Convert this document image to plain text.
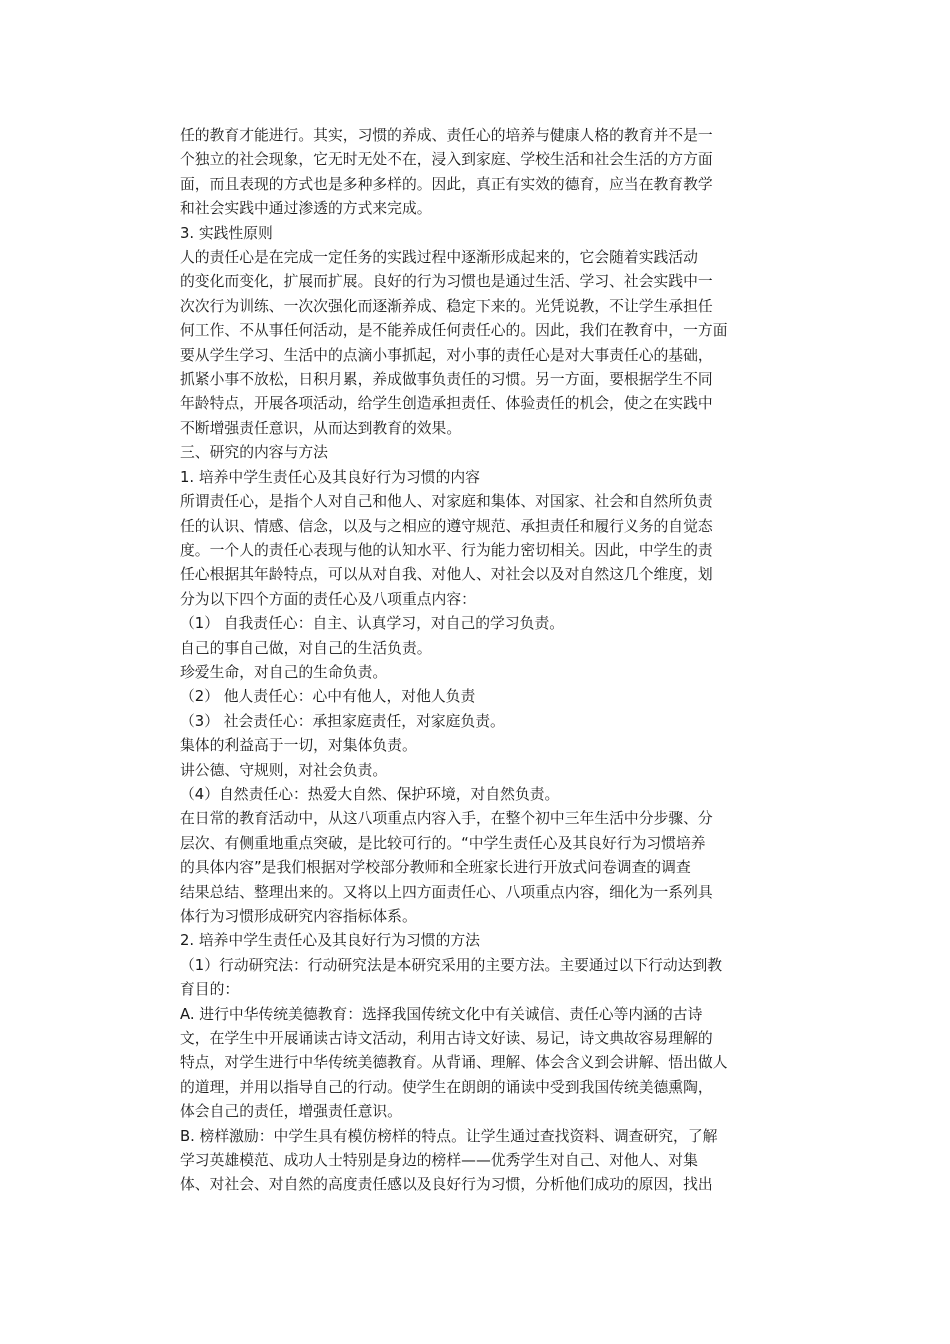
任的教育才能进行。其实，习惯的养成、责任心的培养与健康人格的教育并不是一
个独立的社会现象，它无时无处不在，浸入到家庭、学校生活和社会生活的方方面
面，而且表现的方式也是多种多样的。因此，真正有实效的德育，应当在教育教学
和社会实践中通过渗透的方式来完成。
3. 实践性原则
人的责任心是在完成一定任务的实践过程中逐渐形成起来的，它会随着实践活动
的变化而变化，扩展而扩展。良好的行为习惯也是通过生活、学习、社会实践中一
次次行为训练、一次次强化而逐渐养成、稳定下来的。光凭说教，不让学生承担任
何工作、不从事任何活动，是不能养成任何责任心的。因此，我们在教育中，一方面
要从学生学习、生活中的点滴小事抓起，对小事的责任心是对大事责任心的基础，
抓紧小事不放松，日积月累，养成做事负责任的习惯。另一方面，要根据学生不同
年龄特点，开展各项活动，给学生创造承担责任、体验责任的机会，使之在实践中
不断增强责任意识，从而达到教育的效果。
三、研究的内容与方法
1. 培养中学生责任心及其良好行为习惯的内容
所谓责任心，是指个人对自己和他人、对家庭和集体、对国家、社会和自然所负责
任的认识、情感、信念，以及与之相应的遵守规范、承担责任和履行义务的自觉态
度。一个人的责任心表现与他的认知水平、行为能力密切相关。因此，中学生的责
任心根据其年龄特点，可以从对自我、对他人、对社会以及对自然这几个维度，划
分为以下四个方面的责任心及八项重点内容：
（1） 自我责任心：自主、认真学习，对自己的学习负责。
自己的事自己做，对自己的生活负责。
珍爱生命，对自己的生命负责。
（2） 他人责任心：心中有他人，对他人负责
（3） 社会责任心：承担家庭责任，对家庭负责。
集体的利益高于一切，对集体负责。
讲公德、守规则，对社会负责。
（4）自然责任心：热爱大自然、保护环境，对自然负责。
在日常的教育活动中，从这八项重点内容入手，在整个初中三年生活中分步骤、分
层次、有侧重地重点突破，是比较可行的。“中学生责任心及其良好行为习惯培养
的具体内容”是我们根据对学校部分教师和全班家长进行开放式问卷调查的调查
结果总结、整理出来的。又将以上四方面责任心、八项重点内容，细化为一系列具
体行为习惯形成研究内容指标体系。
2. 培养中学生责任心及其良好行为习惯的方法
（1）行动研究法：行动研究法是本研究采用的主要方法。主要通过以下行动达到教
育目的：
A. 进行中华传统美德教育：选择我国传统文化中有关诚信、责任心等内涵的古诗
文，在学生中开展诵读古诗文活动，利用古诗文好读、易记，诗文典故容易理解的
特点，对学生进行中华传统美德教育。从背诵、理解、体会含义到会讲解、悟出做人
的道理，并用以指导自己的行动。使学生在朗朗的诵读中受到我国传统美德熏陶，
体会自己的责任，增强责任意识。
B. 榜样激励：中学生具有模仿榜样的特点。让学生通过查找资料、调查研究，了解
学习英雄模范、成功人士特别是身边的榜样——优秀学生对自己、对他人、对集
体、对社会、对自然的高度责任感以及良好行为习惯，分析他们成功的原因，找出
